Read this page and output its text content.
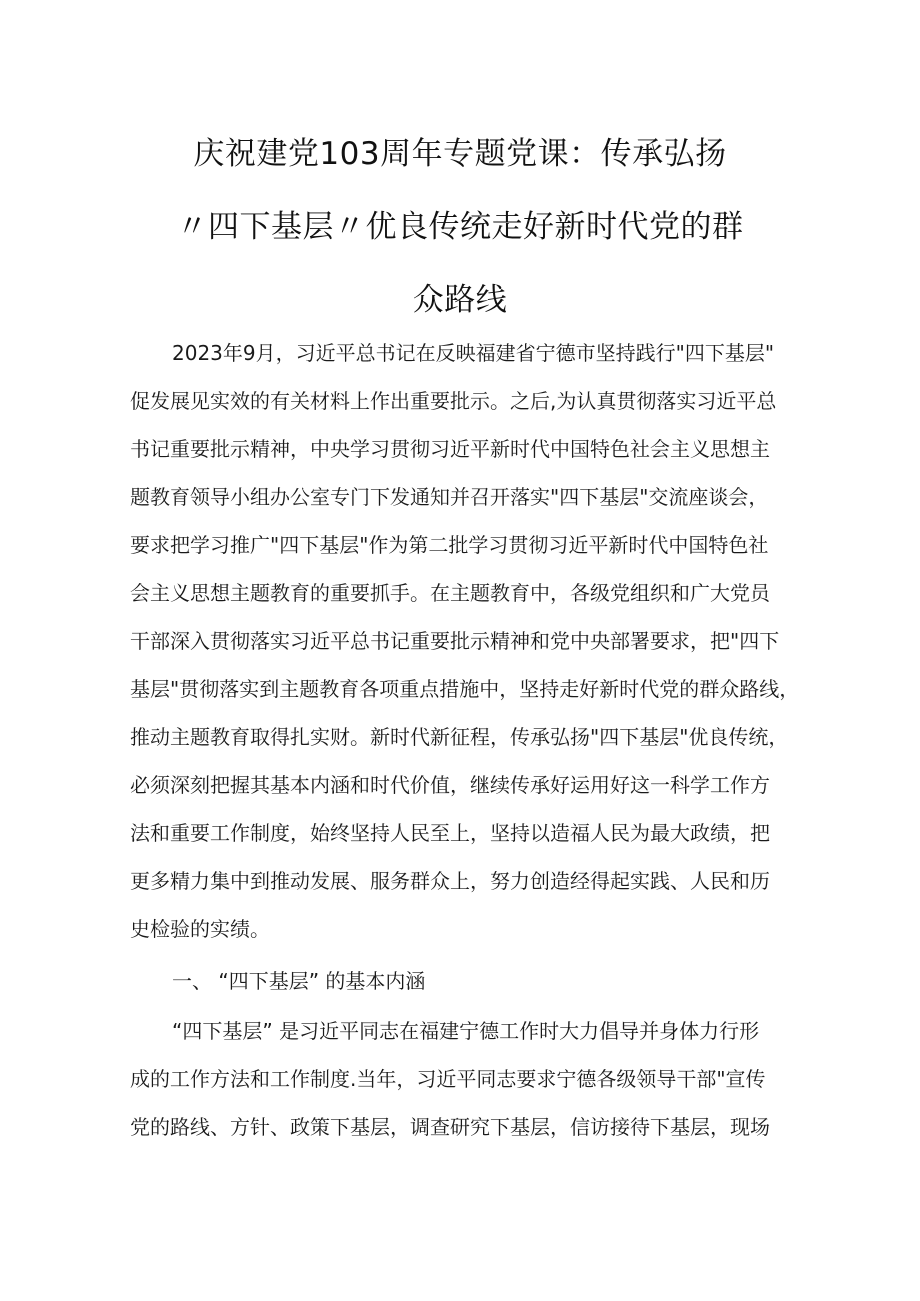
庆祝建党103周年专题党课：传承弘扬
〃四下基层〃优良传统走好新时代党的群
众路线
2023年9月，习近平总书记在反映福建省宁德市坚持践行"四下基层"
促发展见实效的有关材料上作出重要批示。之后,为认真贯彻落实习近平总
书记重要批示精神，中央学习贯彻习近平新时代中国特色社会主义思想主
题教育领导小组办公室专门下发通知并召开落实"四下基层"交流座谈会，
要求把学习推广"四下基层"作为第二批学习贯彻习近平新时代中国特色社
会主义思想主题教育的重要抓手。在主题教育中，各级党组织和广大党员
干部深入贯彻落实习近平总书记重要批示精神和党中央部署要求，把"四下
基层"贯彻落实到主题教育各项重点措施中，坚持走好新时代党的群众路线，
推动主题教育取得扎实财。新时代新征程，传承弘扬"四下基层"优良传统，
必须深刻把握其基本内涵和时代价值，继续传承好运用好这一科学工作方
法和重要工作制度，始终坚持人民至上，坚持以造福人民为最大政绩，把
更多精力集中到推动发展、服务群众上，努力创造经得起实践、人民和历
史检验的实绩。
一、 “四下基层” 的基本内涵
“四下基层” 是习近平同志在福建宁德工作时大力倡导并身体力行形
成的工作方法和工作制度.当年，习近平同志要求宁德各级领导干部"宣传
党的路线、方针、政策下基层，调查研究下基层，信访接待下基层，现场
